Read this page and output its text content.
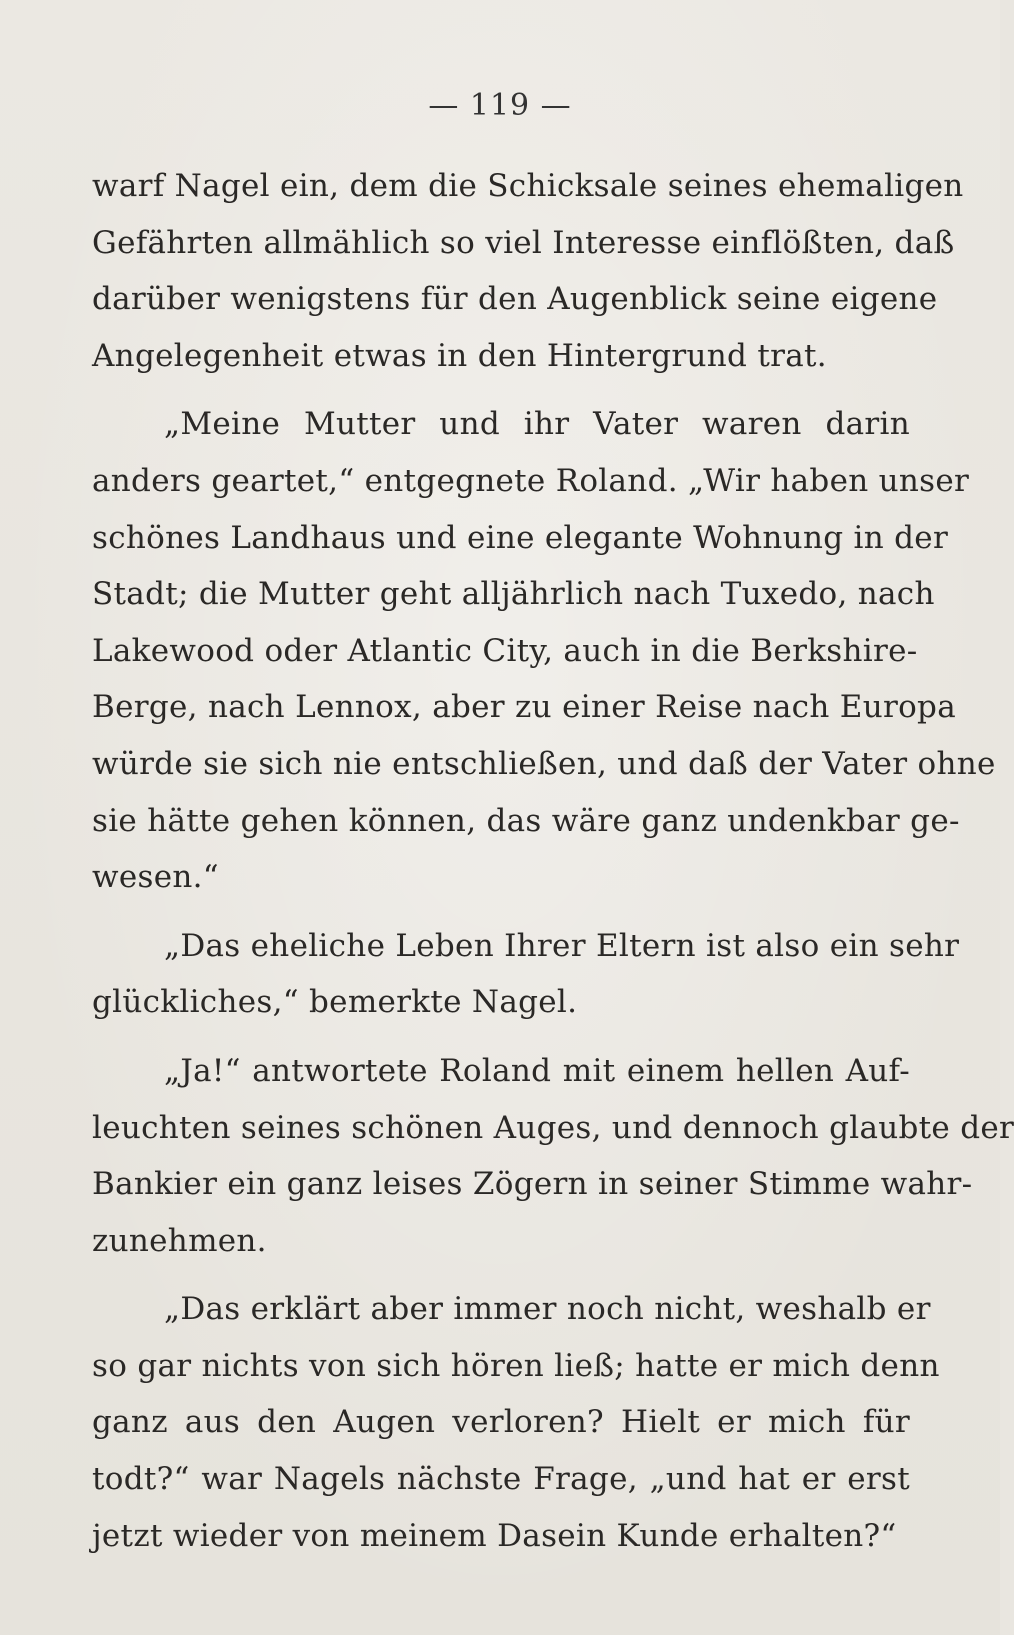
— 119 —
warf Nagel ein, dem die Schicksale seines ehemaligen
Gefährten allmählich so viel Interesse einflößten, daß
darüber wenigstens für den Augenblick seine eigene
Angelegenheit etwas in den Hintergrund trat.
„Meine Mutter und ihr Vater waren darin
anders geartet,“ entgegnete Roland. „Wir haben unser
schönes Landhaus und eine elegante Wohnung in der
Stadt; die Mutter geht alljährlich nach Tuxedo, nach
Lakewood oder Atlantic City, auch in die Berkshire-
Berge, nach Lennox, aber zu einer Reise nach Europa
würde sie sich nie entschließen, und daß der Vater ohne
sie hätte gehen können, das wäre ganz undenkbar ge-
wesen.“
„Das eheliche Leben Ihrer Eltern ist also ein sehr
glückliches,“ bemerkte Nagel.
„Ja!“ antwortete Roland mit einem hellen Auf-
leuchten seines schönen Auges, und dennoch glaubte der
Bankier ein ganz leises Zögern in seiner Stimme wahr-
zunehmen.
„Das erklärt aber immer noch nicht, weshalb er
so gar nichts von sich hören ließ; hatte er mich denn
ganz aus den Augen verloren? Hielt er mich für
todt?“ war Nagels nächste Frage, „und hat er erst
jetzt wieder von meinem Dasein Kunde erhalten?“
